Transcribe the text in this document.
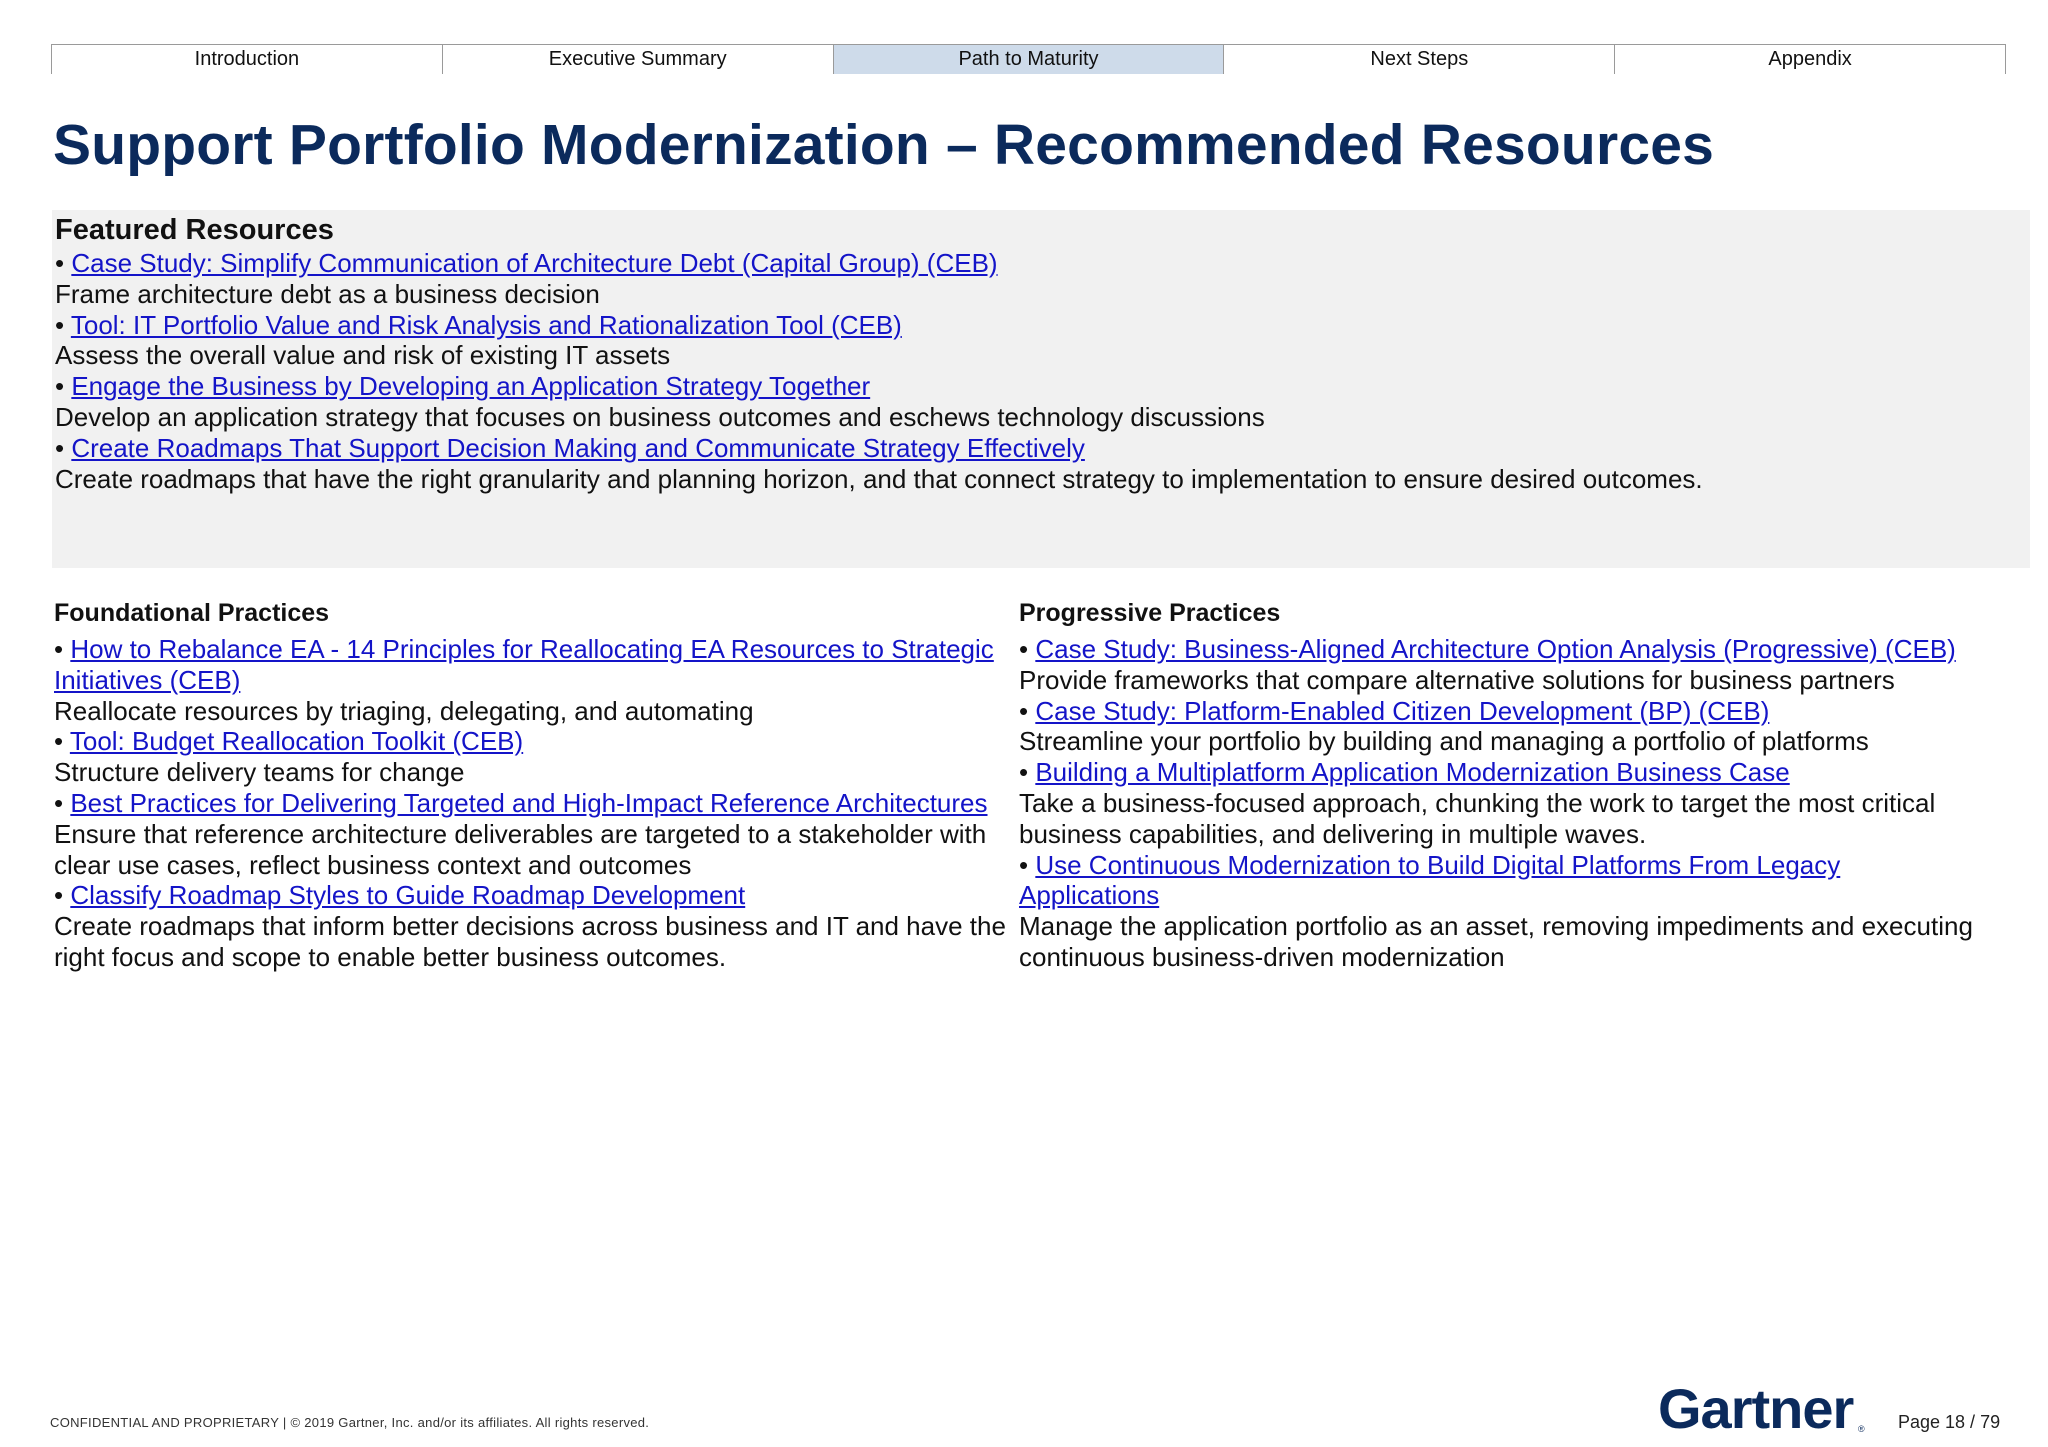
Introduction	Executive Summary	Path to Maturity	Next Steps	Appendix
Support Portfolio Modernization – Recommended Resources
Featured Resources
• Case Study: Simplify Communication of Architecture Debt (Capital Group) (CEB)
Frame architecture debt as a business decision
• Tool: IT Portfolio Value and Risk Analysis and Rationalization Tool (CEB)
Assess the overall value and risk of existing IT assets
• Engage the Business by Developing an Application Strategy Together
Develop an application strategy that focuses on business outcomes and eschews technology discussions
• Create Roadmaps That Support Decision Making and Communicate Strategy Effectively
Create roadmaps that have the right granularity and planning horizon, and that connect strategy to implementation to ensure desired outcomes.
Foundational Practices
• How to Rebalance EA - 14 Principles for Reallocating EA Resources to Strategic Initiatives (CEB)
Reallocate resources by triaging, delegating, and automating
• Tool: Budget Reallocation Toolkit (CEB)
Structure delivery teams for change
• Best Practices for Delivering Targeted and High-Impact Reference Architectures
Ensure that reference architecture deliverables are targeted to a stakeholder with clear use cases, reflect business context and outcomes
• Classify Roadmap Styles to Guide Roadmap Development
Create roadmaps that inform better decisions across business and IT and have the right focus and scope to enable better business outcomes.
Progressive Practices
• Case Study: Business-Aligned Architecture Option Analysis (Progressive) (CEB)
Provide frameworks that compare alternative solutions for business partners
• Case Study: Platform-Enabled Citizen Development (BP) (CEB)
Streamline your portfolio by building and managing a portfolio of platforms
• Building a Multiplatform Application Modernization Business Case
Take a business-focused approach, chunking the work to target the most critical business capabilities, and delivering in multiple waves.
• Use Continuous Modernization to Build Digital Platforms From Legacy Applications
Manage the application portfolio as an asset, removing impediments and executing continuous business-driven modernization
CONFIDENTIAL AND PROPRIETARY | © 2019 Gartner, Inc. and/or its affiliates. All rights reserved.	Gartner ® Page 18 / 79
